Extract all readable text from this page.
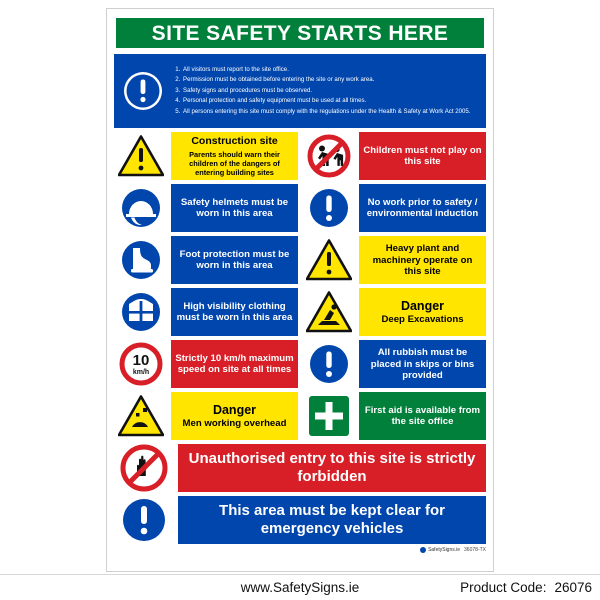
SITE SAFETY STARTS HERE
1. All visitors must report to the site office.
2. Permission must be obtained before entering the site or any work area.
3. Safety signs and procedures must be observed.
4. Personal protection and safety equipment must be used at all times.
5. All persons entering this site must comply with the regulations under the Health & Safety at Work Act 2005.
Construction site
Parents should warn their children of the dangers of entering building sites
Children must not play on this site
Safety helmets must be worn in this area
No work prior to safety / environmental induction
Foot protection must be worn in this area
Heavy plant and machinery operate on this site
High visibility clothing must be worn in this area
Danger
Deep Excavations
10
km/h
Strictly 10 km/h maximum speed on site at all times
All rubbish must be placed in skips or bins provided
Danger
Men working overhead
First aid is available from the site office
Unauthorised entry to this site is strictly forbidden
This area must be kept clear for emergency vehicles
SafetySigns.ie 36078-TX
www.SafetySigns.ie	Product Code: 26076
